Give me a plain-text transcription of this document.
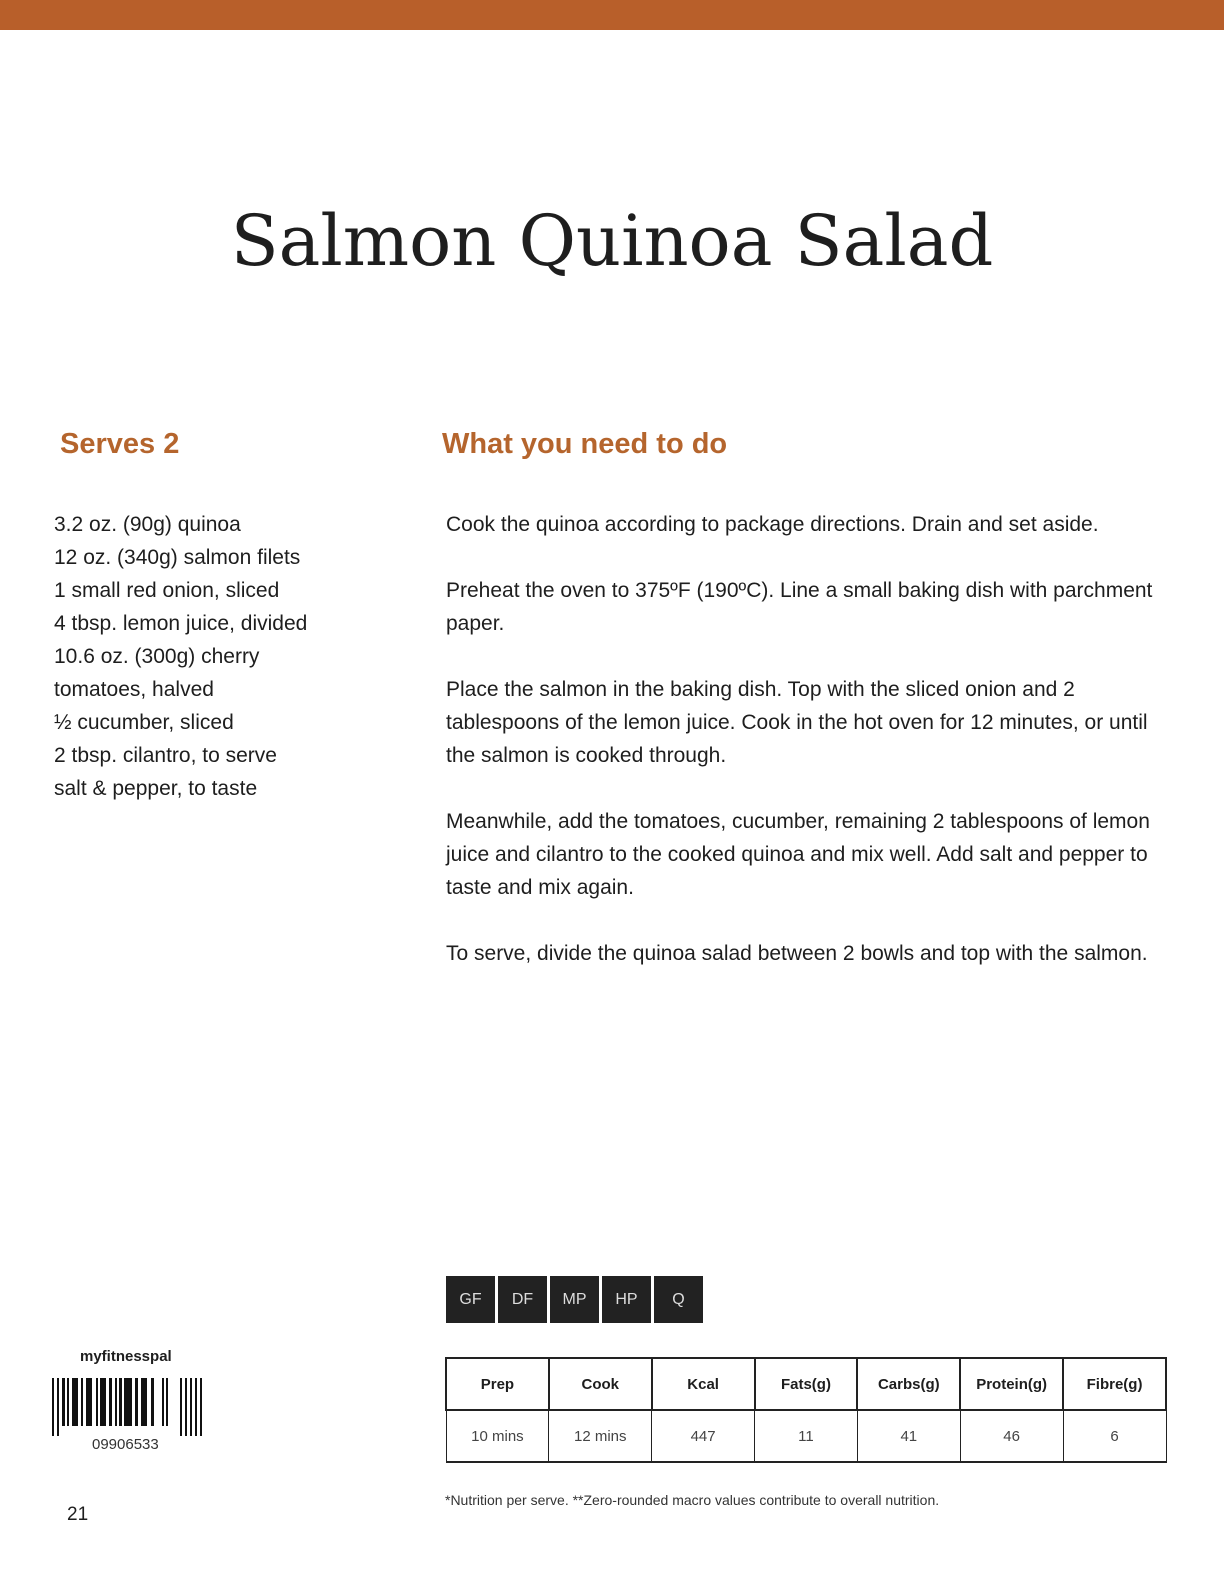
Salmon Quinoa Salad
Serves 2	What you need to do
3.2 oz. (90g) quinoa
12 oz. (340g) salmon filets
1 small red onion, sliced
4 tbsp. lemon juice, divided
10.6 oz. (300g) cherry tomatoes, halved
½ cucumber, sliced
2 tbsp. cilantro, to serve
salt & pepper, to taste

Cook the quinoa according to package directions. Drain and set aside.

Preheat the oven to 375ºF (190ºC). Line a small baking dish with parchment paper.

Place the salmon in the baking dish. Top with the sliced onion and 2 tablespoons of the lemon juice. Cook in the hot oven for 12 minutes, or until the salmon is cooked through.

Meanwhile, add the tomatoes, cucumber, remaining 2 tablespoons of lemon juice and cilantro to the cooked quinoa and mix well. Add salt and pepper to taste and mix again.

To serve, divide the quinoa salad between 2 bowls and top with the salmon.

GF	DF	MP	HP	Q
Prep	Cook	Kcal	Fats(g)	Carbs(g)	Protein(g)	Fibre(g)
10 mins	12 mins	447	11	41	46	6
*Nutrition per serve. **Zero-rounded macro values contribute to overall nutrition.
myfitnesspal
09906533
21
